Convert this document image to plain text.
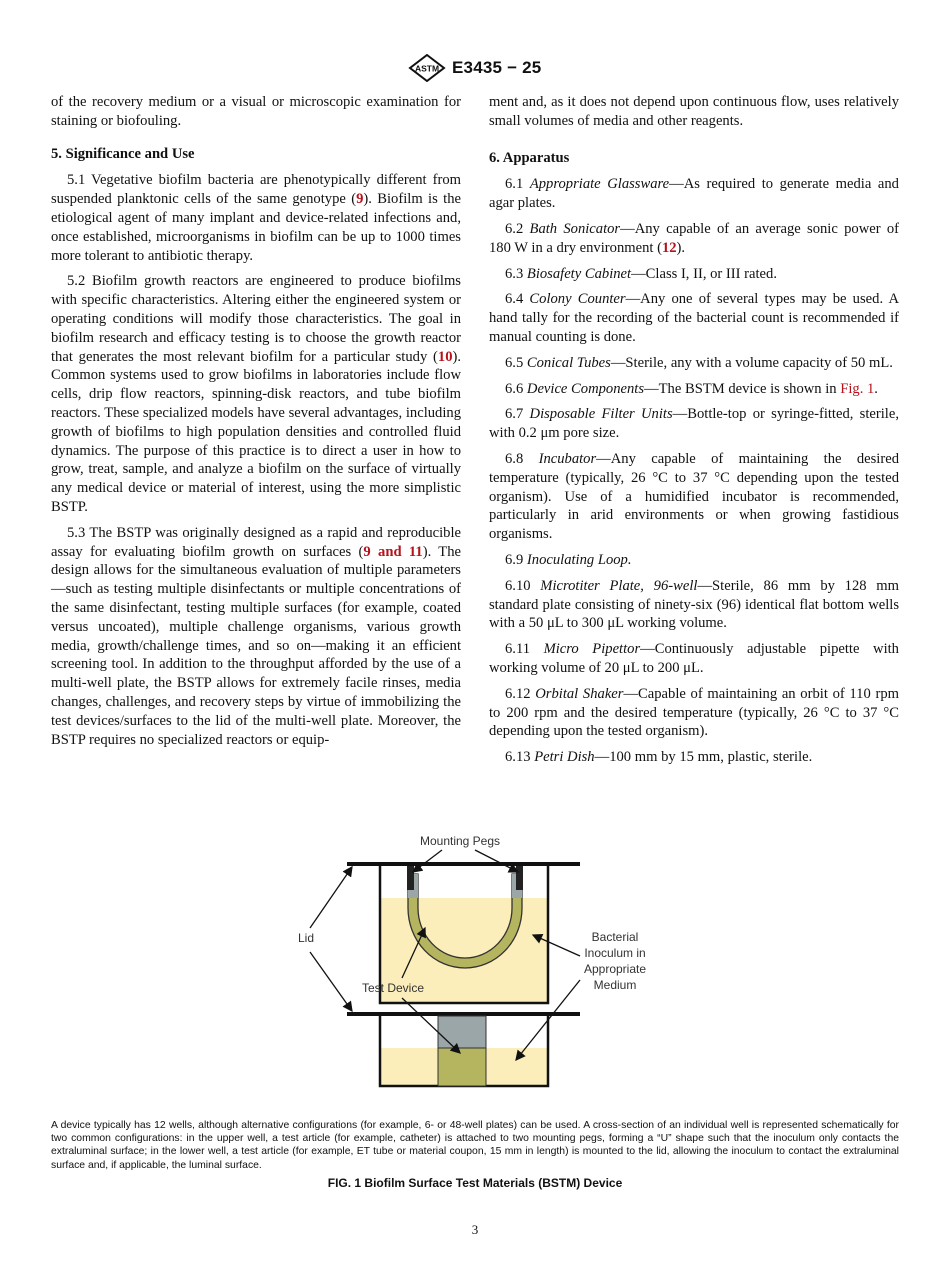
ASTM E3435 − 25

of the recovery medium or a visual or microscopic examination for staining or biofouling.

5. Significance and Use

5.1 Vegetative biofilm bacteria are phenotypically different from suspended planktonic cells of the same genotype (9). Biofilm is the etiological agent of many implant and device-related infections and, once established, microorganisms in biofilm can be up to 1000 times more tolerant to antibiotic therapy.

5.2 Biofilm growth reactors are engineered to produce biofilms with specific characteristics. Altering either the engineered system or operating conditions will modify those characteristics. The goal in biofilm research and efficacy testing is to choose the growth reactor that generates the most relevant biofilm for a particular study (10). Common systems used to grow biofilms in laboratories include flow cells, drip flow reactors, spinning-disk reactors, and tube biofilm reactors. These specialized models have several advantages, including growth of biofilms to high population densities and controlled fluid dynamics. The purpose of this practice is to direct a user in how to grow, treat, sample, and analyze a biofilm on the surface of virtually any medical device or material of interest, using the more simplistic BSTP.

5.3 The BSTP was originally designed as a rapid and reproducible assay for evaluating biofilm growth on surfaces (9 and 11). The design allows for the simultaneous evaluation of multiple parameters—such as testing multiple disinfectants or multiple concentrations of the same disinfectant, testing multiple surfaces (for example, coated versus uncoated), multiple challenge organisms, various growth media, growth/challenge times, and so on—making it an efficient screening tool. In addition to the throughput afforded by the use of a multi-well plate, the BSTP allows for extremely facile rinses, media changes, challenges, and recovery steps by virtue of immobilizing the test devices/surfaces to the lid of the multi-well plate. Moreover, the BSTP requires no specialized reactors or equip-

ment and, as it does not depend upon continuous flow, uses relatively small volumes of media and other reagents.

6. Apparatus

6.1 Appropriate Glassware—As required to generate media and agar plates.

6.2 Bath Sonicator—Any capable of an average sonic power of 180 W in a dry environment (12).

6.3 Biosafety Cabinet—Class I, II, or III rated.

6.4 Colony Counter—Any one of several types may be used. A hand tally for the recording of the bacterial count is recommended if manual counting is done.

6.5 Conical Tubes—Sterile, any with a volume capacity of 50 mL.

6.6 Device Components—The BSTM device is shown in Fig. 1.

6.7 Disposable Filter Units—Bottle-top or syringe-fitted, sterile, with 0.2 μm pore size.

6.8 Incubator—Any capable of maintaining the desired temperature (typically, 26 °C to 37 °C depending upon the tested organism). Use of a humidified incubator is recommended, particularly in arid environments or when growing fastidious organisms.

6.9 Inoculating Loop.

6.10 Microtiter Plate, 96-well—Sterile, 86 mm by 128 mm standard plate consisting of ninety-six (96) identical flat bottom wells with a 50 μL to 300 μL working volume.

6.11 Micro Pipettor—Continuously adjustable pipette with working volume of 20 μL to 200 μL.

6.12 Orbital Shaker—Capable of maintaining an orbit of 110 rpm to 200 rpm and the desired temperature (typically, 26 °C to 37 °C depending upon the tested organism).

6.13 Petri Dish—100 mm by 15 mm, plastic, sterile.

Mounting Pegs
Lid
Test Device
Bacterial
Inoculum in
Appropriate
Medium
A device typically has 12 wells, although alternative configurations (for example, 6- or 48-well plates) can be used. A cross-section of an individual well is represented schematically for two common configurations: in the upper well, a test article (for example, catheter) is attached to two mounting pegs, forming a “U” shape such that the inoculum only contacts the extraluminal surface; in the lower well, a test article (for example, ET tube or material coupon, 15 mm in length) is mounted to the lid, allowing the inoculum to contact the extraluminal surface and, if applicable, the luminal surface.
FIG. 1 Biofilm Surface Test Materials (BSTM) Device
3
